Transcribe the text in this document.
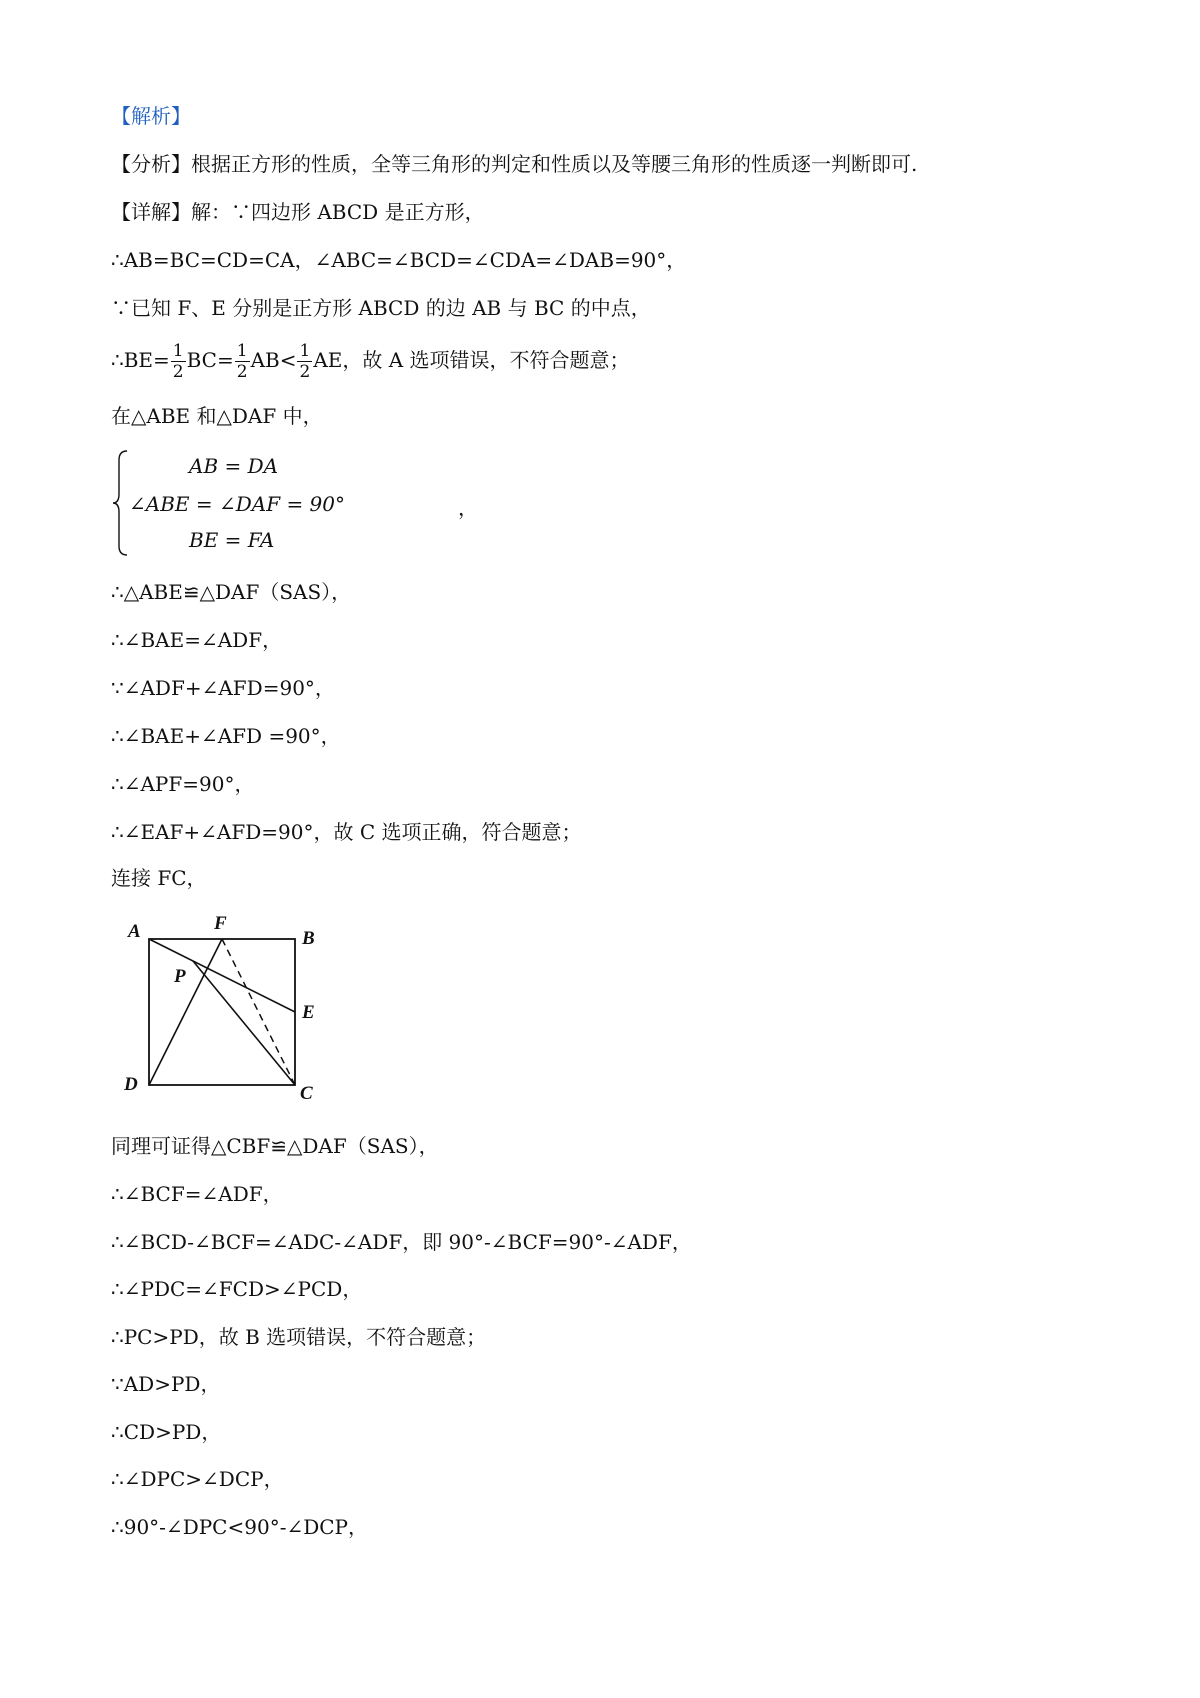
【解析】
【分析】根据正方形的性质，全等三角形的判定和性质以及等腰三角形的性质逐一判断即可.
【详解】解：∵四边形 ABCD 是正方形，
∴AB=BC=CD=CA，∠ABC=∠BCD=∠CDA=∠DAB=90°，
∵已知 F、E 分别是正方形 ABCD 的边 AB 与 BC 的中点，
∴BE= $\frac{1}{2} BC= \frac{1}{2} AB< \frac{1}{2}$ AE，故 A 选项错误，不符合题意；
在△ABE 和△DAF 中，
AB = DA
∠ABE = ∠DAF = 90°	，
BE = FA
∴△ABE≌△DAF（SAS），
∴∠BAE=∠ADF，
∵∠ADF+∠AFD=90°，
∴∠BAE+∠AFD =90°，
∴∠APF=90°，
∴∠EAF+∠AFD=90°，故 C 选项正确，符合题意；
连接 FC，
A	F
B
P
E
D	C
同理可证得△CBF≌△DAF（SAS），
∴∠BCF=∠ADF，
∴∠BCD-∠BCF=∠ADC-∠ADF，即 90°-∠BCF=90°-∠ADF，
∴∠PDC=∠FCD>∠PCD，
∴PC>PD，故 B 选项错误，不符合题意；
∵AD>PD，
∴CD>PD，
∴∠DPC>∠DCP，
∴90°-∠DPC<90°-∠DCP，
